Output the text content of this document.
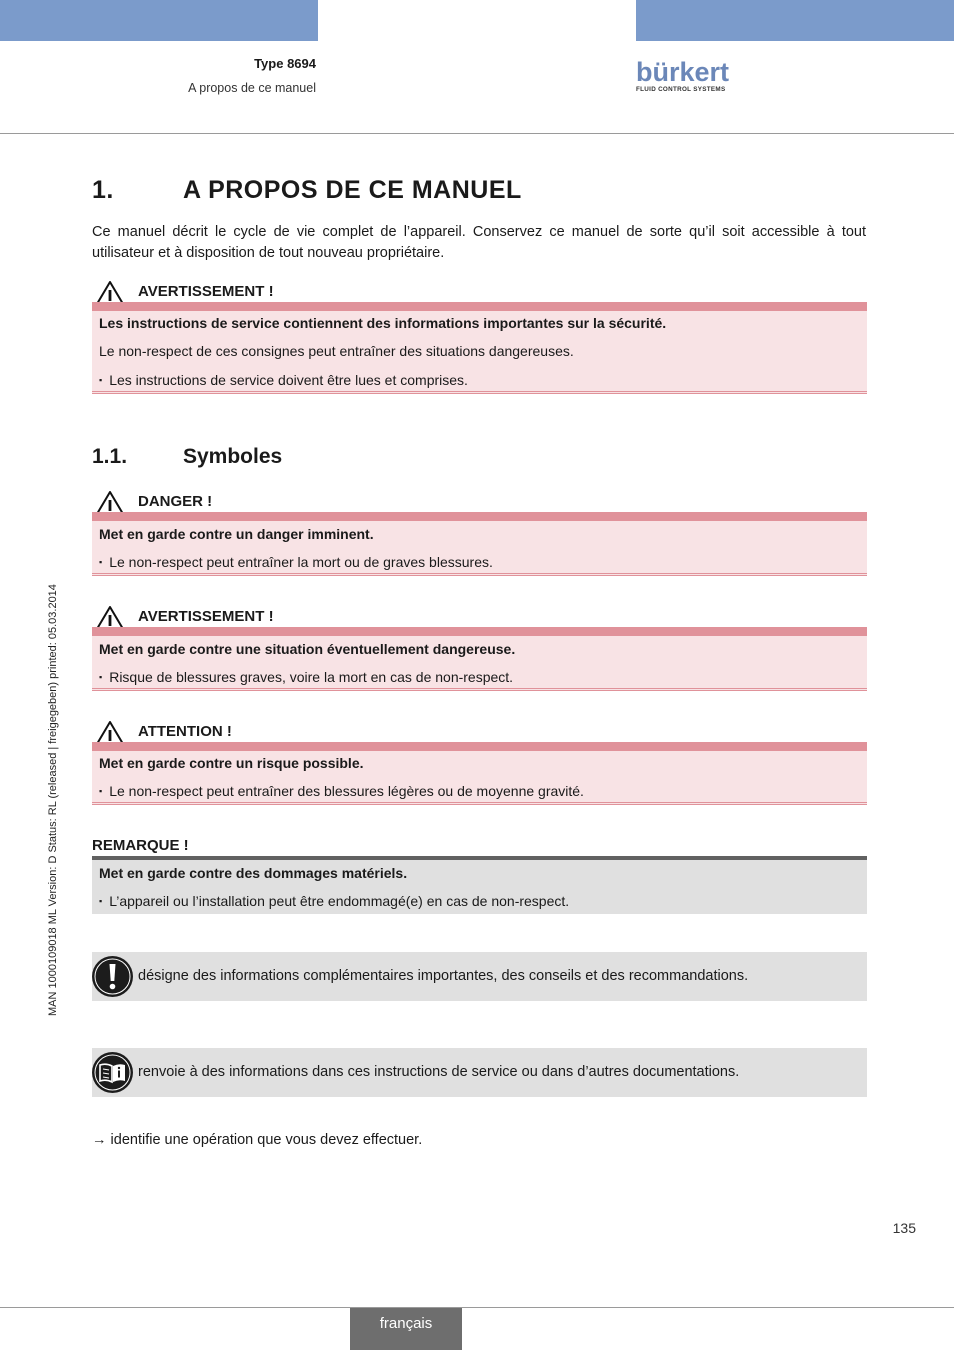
Type 8694
A propos de ce manuel
bürkert
FLUID CONTROL SYSTEMS
MAN 1000109018 ML Version: D Status: RL (released | freigegeben) printed: 05.03.2014
1.	A PROPOS DE CE MANUEL
Ce manuel décrit le cycle de vie complet de l’appareil. Conservez ce manuel de sorte qu’il soit accessible à tout utilisateur et à disposition de tout nouveau propriétaire.
AVERTISSEMENT !
Les instructions de service contiennent des informations importantes sur la sécurité.
Le non-respect de ces consignes peut entraîner des situations dangereuses.
▪ Les instructions de service doivent être lues et comprises.
1.1.	Symboles
DANGER !
Met en garde contre un danger imminent.
▪ Le non-respect peut entraîner la mort ou de graves blessures.
AVERTISSEMENT !
Met en garde contre une situation éventuellement dangereuse.
▪ Risque de blessures graves, voire la mort en cas de non-respect.
ATTENTION !
Met en garde contre un risque possible.
▪ Le non-respect peut entraîner des blessures légères ou de moyenne gravité.
REMARQUE !
Met en garde contre des dommages matériels.
▪ L’appareil ou l’installation peut être endommagé(e) en cas de non-respect.
désigne des informations complémentaires importantes, des conseils et des recommandations.
renvoie à des informations dans ces instructions de service ou dans d’autres documentations.
→ identifie une opération que vous devez effectuer.
135
français
